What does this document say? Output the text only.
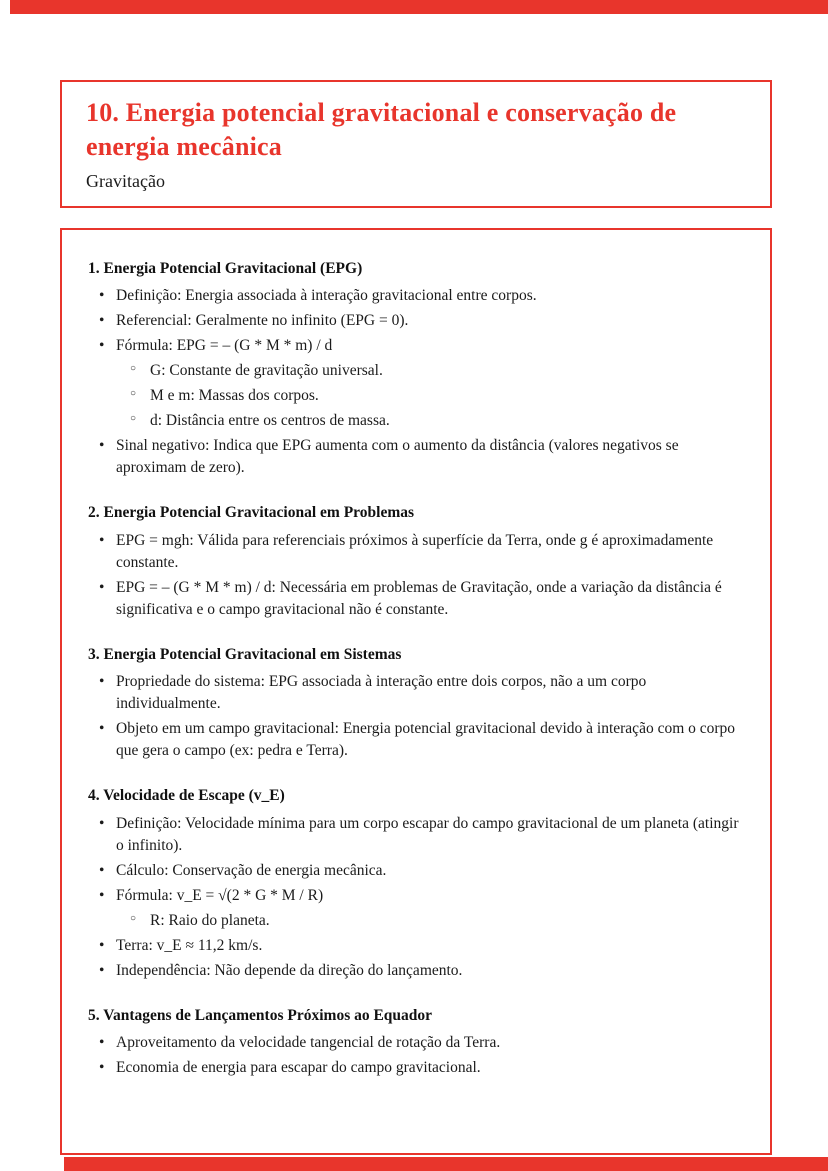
10. Energia potencial gravitacional e conservação de energia mecânica
Gravitação
1. Energia Potencial Gravitacional (EPG)
• Definição: Energia associada à interação gravitacional entre corpos.
• Referencial: Geralmente no infinito (EPG = 0).
• Fórmula: EPG = – (G * M * m) / d
○ G: Constante de gravitação universal.
○ M e m: Massas dos corpos.
○ d: Distância entre os centros de massa.
• Sinal negativo: Indica que EPG aumenta com o aumento da distância (valores negativos se aproximam de zero).
2. Energia Potencial Gravitacional em Problemas
• EPG = mgh: Válida para referenciais próximos à superfície da Terra, onde g é aproximadamente constante.
• EPG = – (G * M * m) / d: Necessária em problemas de Gravitação, onde a variação da distância é significativa e o campo gravitacional não é constante.
3. Energia Potencial Gravitacional em Sistemas
• Propriedade do sistema: EPG associada à interação entre dois corpos, não a um corpo individualmente.
• Objeto em um campo gravitacional: Energia potencial gravitacional devido à interação com o corpo que gera o campo (ex: pedra e Terra).
4. Velocidade de Escape (v_E)
• Definição: Velocidade mínima para um corpo escapar do campo gravitacional de um planeta (atingir o infinito).
• Cálculo: Conservação de energia mecânica.
• Fórmula: v_E = √(2 * G * M / R)
○ R: Raio do planeta.
• Terra: v_E ≈ 11,2 km/s.
• Independência: Não depende da direção do lançamento.
5. Vantagens de Lançamentos Próximos ao Equador
• Aproveitamento da velocidade tangencial de rotação da Terra.
• Economia de energia para escapar do campo gravitacional.
